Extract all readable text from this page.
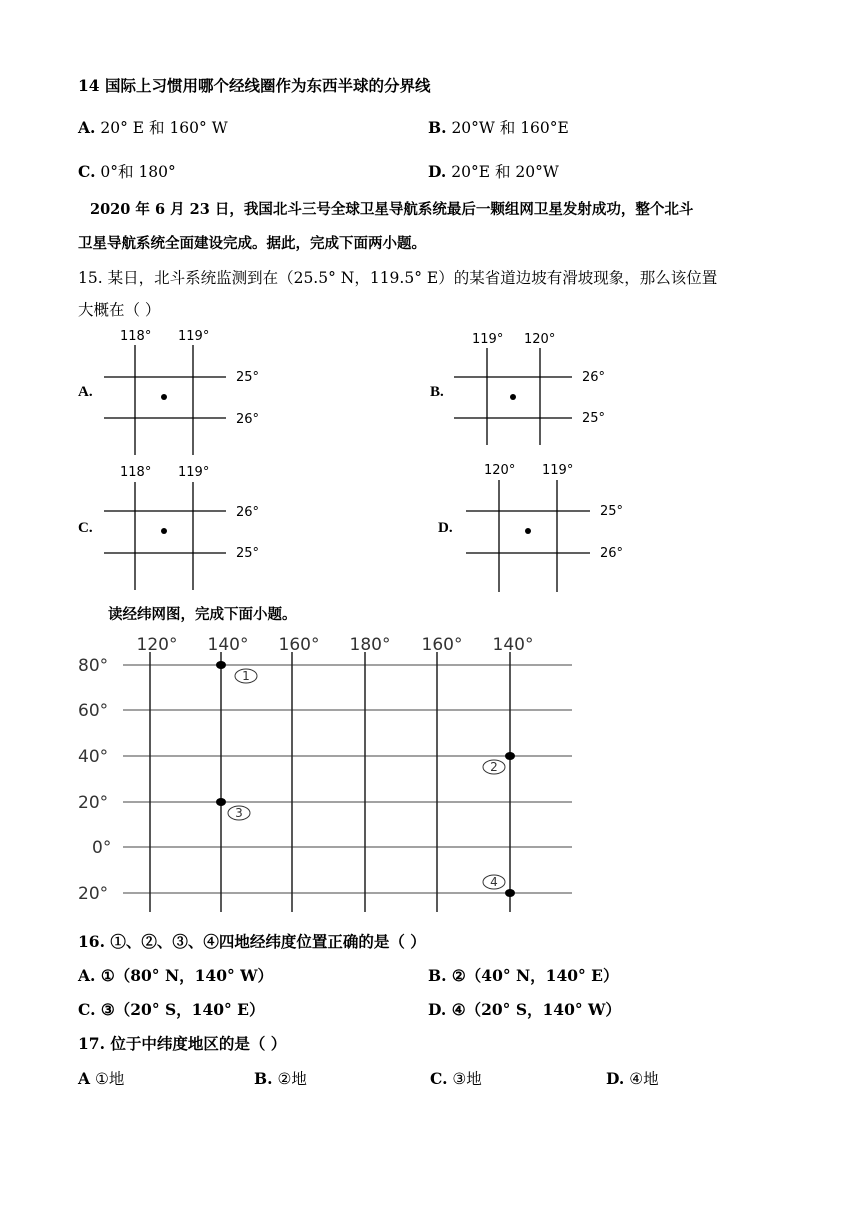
14 国际上习惯用哪个经线圈作为东西半球的分界线
A. 20° E 和 160° W	B. 20°W 和 160°E
C. 0°和 180°	D. 20°E 和 20°W
2020 年 6 月 23 日，我国北斗三号全球卫星导航系统最后一颗组网卫星发射成功，整个北斗
卫星导航系统全面建设完成。据此，完成下面两小题。
15. 某日，北斗系统监测到在（25.5° N，119.5° E）的某省道边坡有滑坡现象，那么该位置
大概在（ ）
A.	B.
C.	D.
118° 119°
25°
26°
119° 120°
26°
25°
118° 119°
26°
25°
120° 119°
25°
26°
读经纬网图，完成下面小题。
120° 140° 160° 180° 160° 140°
80°
60°
40°
20°
0°
20°
1
2
3
4
16. ①、②、③、④四地经纬度位置正确的是（ ）
A. ①（80° N，140° W）	B. ②（40° N，140° E）
C. ③（20° S，140° E）	D. ④（20° S，140° W）
17. 位于中纬度地区的是（ ）
A ①地	B. ②地	C. ③地	D. ④地
